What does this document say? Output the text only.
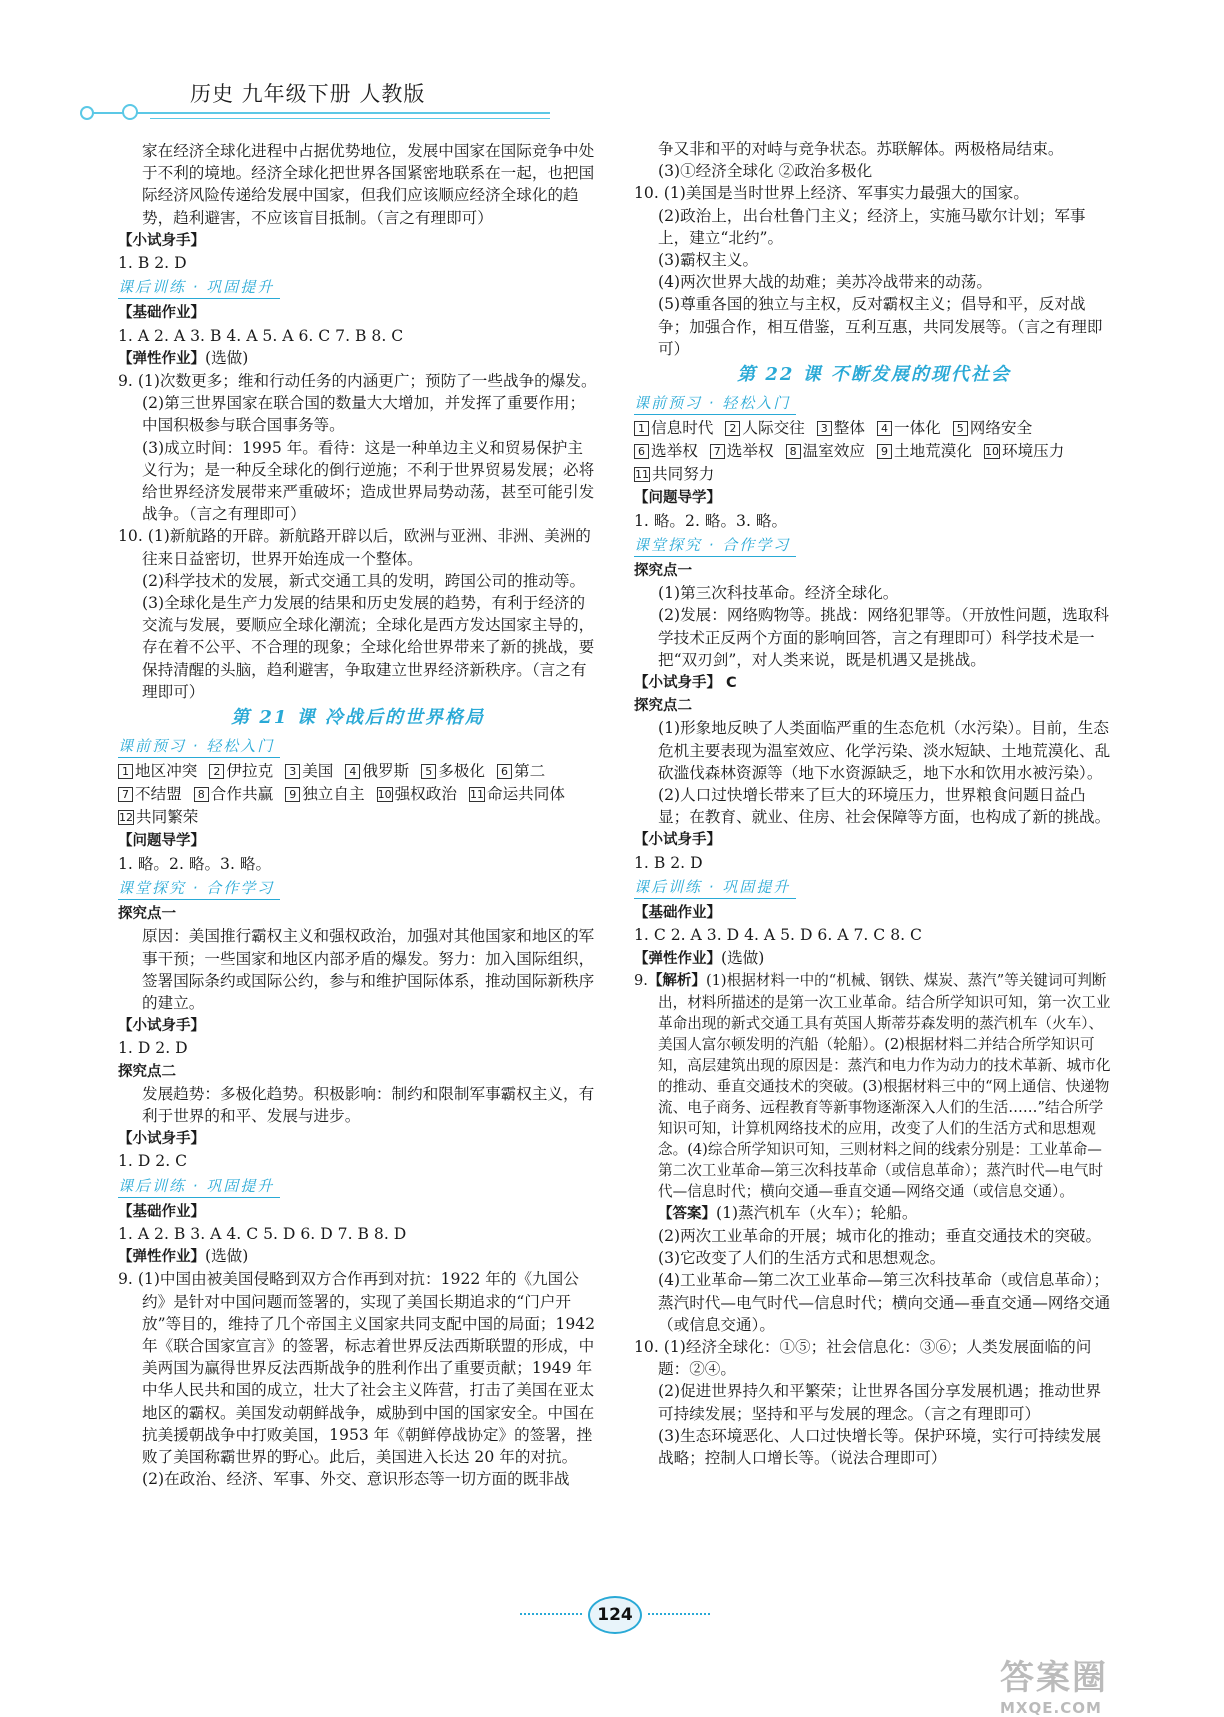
历史 九年级下册 人教版

家在经济全球化进程中占据优势地位，发展中国家在国际竞争中处于不利的境地。经济全球化把世界各国紧密地联系在一起，也把国际经济风险传递给发展中国家，但我们应该顺应经济全球化的趋势，趋利避害，不应该盲目抵制。（言之有理即可）

【小试身手】

1. B 2. D

课后训练 · 巩固提升

【基础作业】

1. A 2. A 3. B 4. A 5. A 6. C 7. B 8. C

【弹性作业】(选做)

9. (1)次数更多；维和行动任务的内涵更广；预防了一些战争的爆发。

(2)第三世界国家在联合国的数量大大增加，并发挥了重要作用；中国积极参与联合国事务等。

(3)成立时间：1995 年。看待：这是一种单边主义和贸易保护主义行为；是一种反全球化的倒行逆施；不利于世界贸易发展；必将给世界经济发展带来严重破坏；造成世界局势动荡，甚至可能引发战争。（言之有理即可）

10. (1)新航路的开辟。新航路开辟以后，欧洲与亚洲、非洲、美洲的往来日益密切，世界开始连成一个整体。

(2)科学技术的发展，新式交通工具的发明，跨国公司的推动等。

(3)全球化是生产力发展的结果和历史发展的趋势，有利于经济的交流与发展，要顺应全球化潮流；全球化是西方发达国家主导的，存在着不公平、不合理的现象；全球化给世界带来了新的挑战，要保持清醒的头脑，趋利避害，争取建立世界经济新秩序。（言之有理即可）

第 21 课 冷战后的世界格局

课前预习 · 轻松入门

1 地区冲突 2 伊拉克 3 美国 4 俄罗斯 5 多极化 6 第二7 不结盟 8 合作共赢 9 独立自主 10 强权政治 11 命运共同体12 共同繁荣

【问题导学】

1. 略。2. 略。3. 略。

课堂探究 · 合作学习

探究点一

原因：美国推行霸权主义和强权政治，加强对其他国家和地区的军事干预；一些国家和地区内部矛盾的爆发。努力：加入国际组织，签署国际条约或国际公约，参与和维护国际体系，推动国际新秩序的建立。

【小试身手】

1. D 2. D

探究点二

发展趋势：多极化趋势。积极影响：制约和限制军事霸权主义，有利于世界的和平、发展与进步。

【小试身手】

1. D 2. C

课后训练 · 巩固提升

【基础作业】

1. A 2. B 3. A 4. C 5. D 6. D 7. B 8. D

【弹性作业】(选做)

9. (1)中国由被美国侵略到双方合作再到对抗：1922 年的《九国公约》是针对中国问题而签署的，实现了美国长期追求的“门户开放”等目的，维持了几个帝国主义国家共同支配中国的局面；1942 年《联合国家宣言》的签署，标志着世界反法西斯联盟的形成，中美两国为赢得世界反法西斯战争的胜利作出了重要贡献；1949 年中华人民共和国的成立，壮大了社会主义阵营，打击了美国在亚太地区的霸权。美国发动朝鲜战争，威胁到中国的国家安全。中国在抗美援朝战争中打败美国，1953 年《朝鲜停战协定》的签署，挫败了美国称霸世界的野心。此后，美国进入长达 20 年的对抗。

(2)在政治、经济、军事、外交、意识形态等一切方面的既非战

争又非和平的对峙与竞争状态。苏联解体。两极格局结束。

(3)①经济全球化 ②政治多极化

10. (1)美国是当时世界上经济、军事实力最强大的国家。

(2)政治上，出台杜鲁门主义；经济上，实施马歇尔计划；军事上，建立“北约”。

(3)霸权主义。

(4)两次世界大战的劫难；美苏冷战带来的动荡。

(5)尊重各国的独立与主权，反对霸权主义；倡导和平，反对战争；加强合作，相互借鉴，互利互惠，共同发展等。（言之有理即可）

第 22 课 不断发展的现代社会

课前预习 · 轻松入门

1 信息时代 2 人际交往 3 整体 4 一体化 5 网络安全6 选举权 7 选举权 8 温室效应 9 土地荒漠化 10 环境压力11 共同努力

【问题导学】

1. 略。2. 略。3. 略。

课堂探究 · 合作学习

探究点一

(1)第三次科技革命。经济全球化。

(2)发展：网络购物等。挑战：网络犯罪等。（开放性问题，选取科学技术正反两个方面的影响回答，言之有理即可）科学技术是一把“双刃剑”，对人类来说，既是机遇又是挑战。

【小试身手】 C

探究点二

(1)形象地反映了人类面临严重的生态危机（水污染）。目前，生态危机主要表现为温室效应、化学污染、淡水短缺、土地荒漠化、乱砍滥伐森林资源等（地下水资源缺乏，地下水和饮用水被污染）。

(2)人口过快增长带来了巨大的环境压力，世界粮食问题日益凸显；在教育、就业、住房、社会保障等方面，也构成了新的挑战。

【小试身手】

1. B 2. D

课后训练 · 巩固提升

【基础作业】

1. C 2. A 3. D 4. A 5. D 6. A 7. C 8. C

【弹性作业】(选做)

9.【解析】(1)根据材料一中的“机械、钢铁、煤炭、蒸汽”等关键词可判断出，材料所描述的是第一次工业革命。结合所学知识可知，第一次工业革命出现的新式交通工具有英国人斯蒂芬森发明的蒸汽机车（火车）、美国人富尔顿发明的汽船（轮船）。(2)根据材料二并结合所学知识可知，高层建筑出现的原因是：蒸汽和电力作为动力的技术革新、城市化的推动、垂直交通技术的突破。(3)根据材料三中的“网上通信、快递物流、电子商务、远程教育等新事物逐渐深入人们的生活……”结合所学知识可知，计算机网络技术的应用，改变了人们的生活方式和思想观念。(4)综合所学知识可知，三则材料之间的线索分别是：工业革命—第二次工业革命—第三次科技革命（或信息革命）；蒸汽时代—电气时代—信息时代；横向交通—垂直交通—网络交通（或信息交通）。

【答案】(1)蒸汽机车（火车）；轮船。

(2)两次工业革命的开展；城市化的推动；垂直交通技术的突破。

(3)它改变了人们的生活方式和思想观念。

(4)工业革命—第二次工业革命—第三次科技革命（或信息革命）；蒸汽时代—电气时代—信息时代；横向交通—垂直交通—网络交通（或信息交通）。

10. (1)经济全球化：①⑤；社会信息化：③⑥；人类发展面临的问题：②④。

(2)促进世界持久和平繁荣；让世界各国分享发展机遇；推动世界可持续发展；坚持和平与发展的理念。（言之有理即可）

(3)生态环境恶化、人口过快增长等。保护环境，实行可持续发展战略；控制人口增长等。（说法合理即可）

124
答案圈
MXQE.COM
